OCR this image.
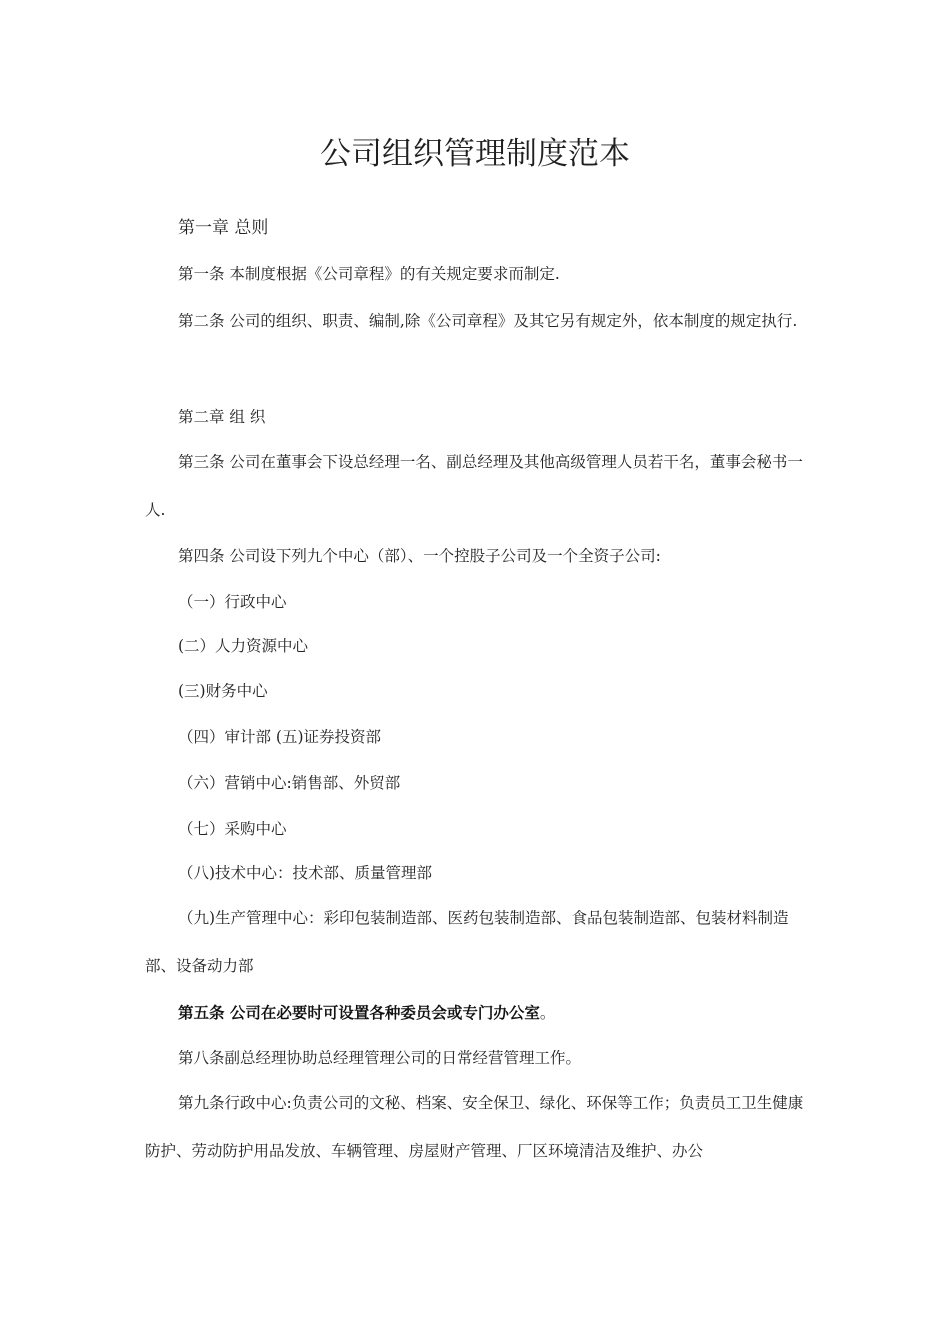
公司组织管理制度范本

第一章 总则

第一条 本制度根据《公司章程》的有关规定要求而制定.

第二条 公司的组织、职责、编制,除《公司章程》及其它另有规定外，依本制度的规定执行.

第二章 组 织

第三条 公司在董事会下设总经理一名、副总经理及其他高级管理人员若干名，董事会秘书一人.

第四条 公司设下列九个中心（部）、一个控股子公司及一个全资子公司:

（一）行政中心

(二）人力资源中心

(三)财务中心

（四）审计部 (五)证券投资部

（六）营销中心:销售部、外贸部

（七）采购中心

（八)技术中心：技术部、质量管理部

（九)生产管理中心：彩印包装制造部、医药包装制造部、食品包装制造部、包装材料制造部、设备动力部

第五条 公司在必要时可设置各种委员会或专门办公室。

第八条副总经理协助总经理管理公司的日常经营管理工作。

第九条行政中心:负责公司的文秘、档案、安全保卫、绿化、环保等工作；负责员工卫生健康防护、劳动防护用品发放、车辆管理、房屋财产管理、厂区环境清洁及维护、办公
